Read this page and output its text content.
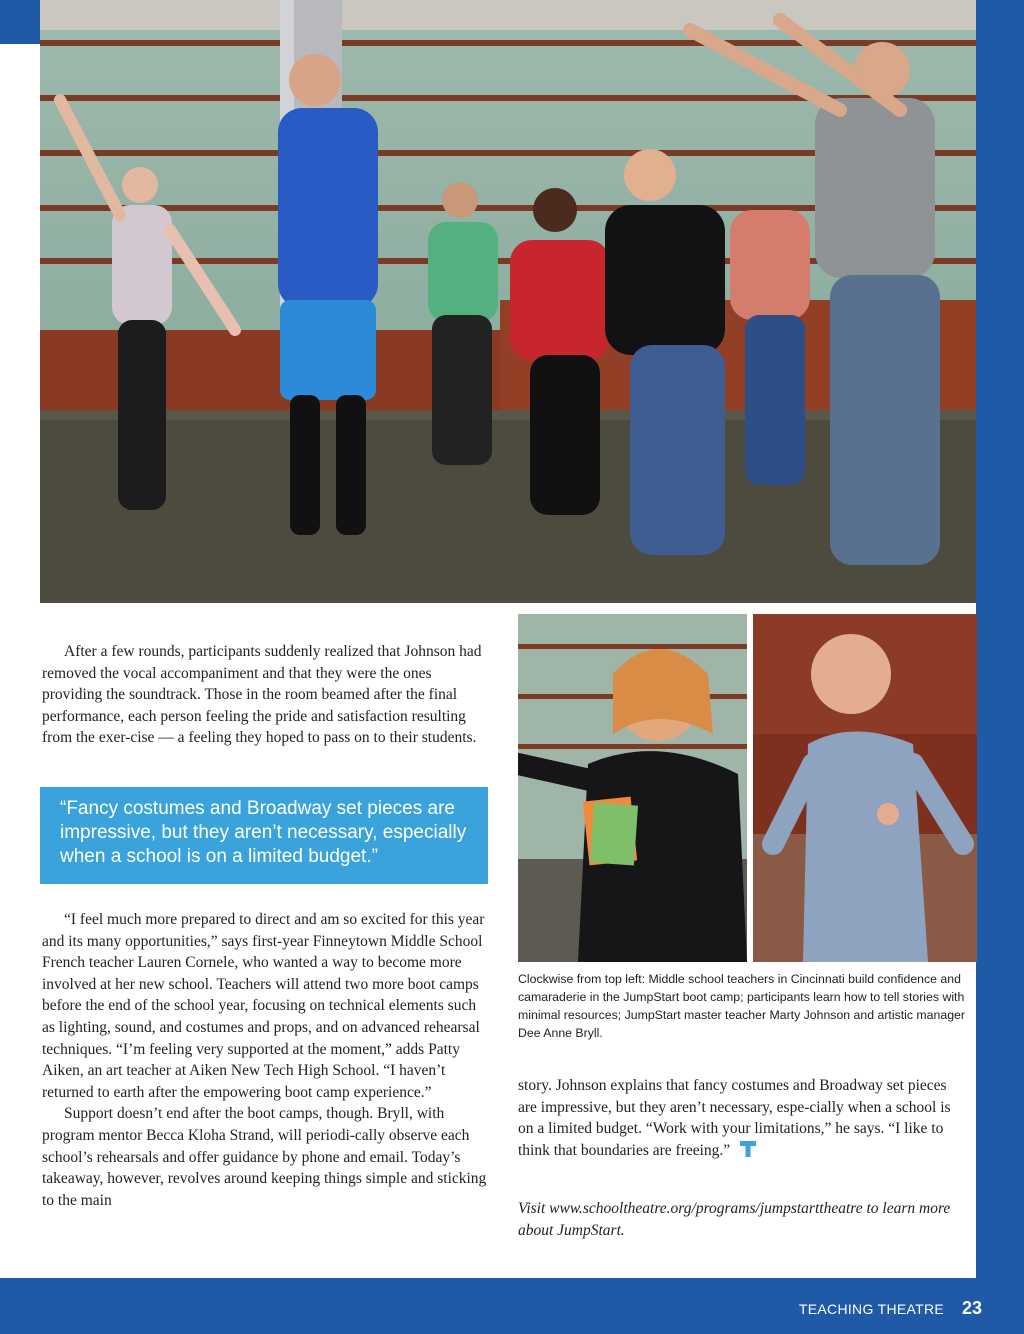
After a few rounds, participants suddenly realized that Johnson had removed the vocal accompaniment and that they were the ones providing the soundtrack. Those in the room beamed after the final performance, each person feeling the pride and satisfaction resulting from the exer-cise — a feeling they hoped to pass on to their students.

“Fancy costumes and Broadway set pieces are impressive, but they aren’t necessary, especially when a school is on a limited budget.”

“I feel much more prepared to direct and am so excited for this year and its many opportunities,” says first-year Finneytown Middle School French teacher Lauren Cornele, who wanted a way to become more involved at her new school. Teachers will attend two more boot camps before the end of the school year, focusing on technical elements such as lighting, sound, and costumes and props, and on advanced rehearsal techniques. “I’m feeling very supported at the moment,” adds Patty Aiken, an art teacher at Aiken New Tech High School. “I haven’t returned to earth after the empowering boot camp experience.”

Support doesn’t end after the boot camps, though. Bryll, with program mentor Becca Kloha Strand, will periodi-cally observe each school’s rehearsals and offer guidance by phone and email. Today’s takeaway, however, revolves around keeping things simple and sticking to the main

Clockwise from top left: Middle school teachers in Cincinnati build confidence and camaraderie in the JumpStart boot camp; participants learn how to tell stories with minimal resources; JumpStart master teacher Marty Johnson and artistic manager Dee Anne Bryll.

story. Johnson explains that fancy costumes and Broadway set pieces are impressive, but they aren’t necessary, espe-cially when a school is on a limited budget. “Work with your limitations,” he says. “I like to think that boundaries are freeing.”

Visit www.schooltheatre.org/programs/jumpstarttheatre to learn more about JumpStart.

TEACHING THEATRE 23
